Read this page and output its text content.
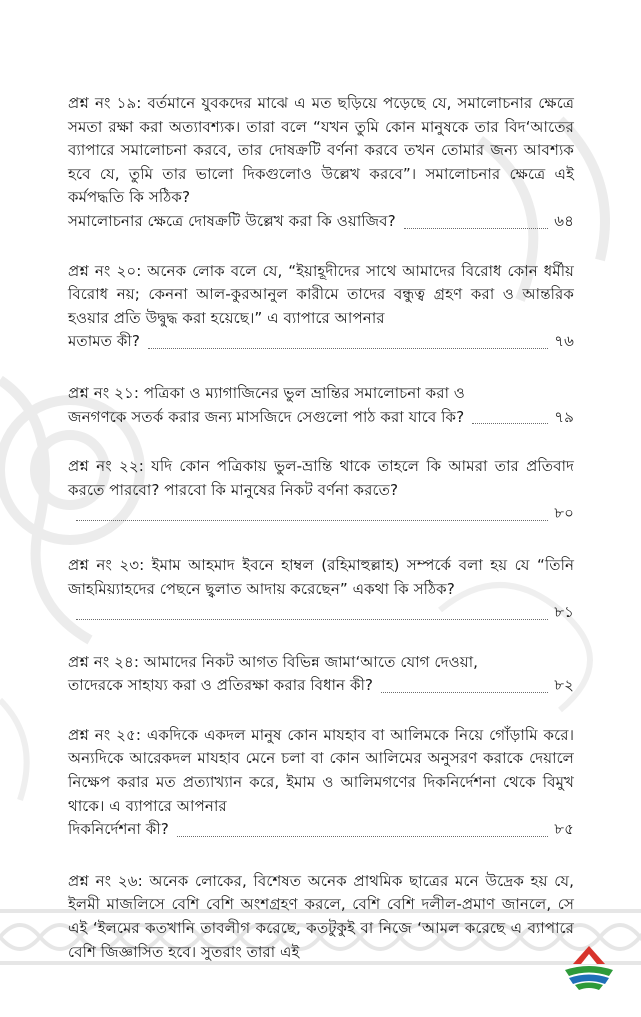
প্রশ্ন নং ১৯: বর্তমানে যুবকদের মাঝে এ মত ছড়িয়ে পড়েছে যে, সমালোচনার ক্ষেত্রে সমতা রক্ষা করা অত্যাবশ্যক। তারা বলে “যখন তুমি কোন মানুষকে তার বিদ‘আতের ব্যাপারে সমালোচনা করবে, তার দোষক্রটি বর্ণনা করবে তখন তোমার জন্য আবশ্যক হবে যে, তুমি তার ভালো দিকগুলোও উল্লেখ করবে”। সমালোচনার ক্ষেত্রে এই কর্মপদ্ধতি কি সঠিক?
সমালোচনার ক্ষেত্রে দোষক্রটি উল্লেখ করা কি ওয়াজিব?	৬৪
প্রশ্ন নং ২০: অনেক লোক বলে যে, “ইয়াহূদীদের সাথে আমাদের বিরোধ কোন ধর্মীয় বিরোধ নয়; কেননা আল-কুরআনুল কারীমে তাদের বন্ধুত্ব গ্রহণ করা ও আন্তরিক হওয়ার প্রতি উদ্বুদ্ধ করা হয়েছে।” এ ব্যাপারে আপনার
মতামত কী?	৭৬
প্রশ্ন নং ২১: পত্রিকা ও ম্যাগাজিনের ভুল ভ্রান্তির সমালোচনা করা ও
জনগণকে সতর্ক করার জন্য মাসজিদে সেগুলো পাঠ করা যাবে কি?	৭৯
প্রশ্ন নং ২২: যদি কোন পত্রিকায় ভুল-ভ্রান্তি থাকে তাহলে কি আমরা তার প্রতিবাদ করতে পারবো? পারবো কি মানুষের নিকট বর্ণনা করতে?
৮০
প্রশ্ন নং ২৩: ইমাম আহমাদ ইবনে হাম্বল (রহিমাহুল্লাহ) সম্পর্কে বলা হয় যে “তিনি জাহমিয়্যাহদের পেছনে ছ্বলাত আদায় করেছেন” একথা কি সঠিক?
৮১
প্রশ্ন নং ২৪: আমাদের নিকট আগত বিভিন্ন জামা‘আতে যোগ দেওয়া,
তাদেরকে সাহায্য করা ও প্রতিরক্ষা করার বিধান কী?	৮২
প্রশ্ন নং ২৫: একদিকে একদল মানুষ কোন মাযহাব বা আলিমকে নিয়ে গোঁড়ামি করে। অন্যদিকে আরেকদল মাযহাব মেনে চলা বা কোন আলিমের অনুসরণ করাকে দেয়ালে নিক্ষেপ করার মত প্রত্যাখ্যান করে, ইমাম ও আলিমগণের দিকনির্দেশনা থেকে বিমুখ থাকে। এ ব্যাপারে আপনার
দিকনির্দেশনা কী?	৮৫
প্রশ্ন নং ২৬: অনেক লোকের, বিশেষত অনেক প্রাথমিক ছাত্রের মনে উদ্রেক হয় যে, ইলমী মাজলিসে বেশি বেশি অংশগ্রহণ করলে, বেশি বেশি দলীল-প্রমাণ জানলে, সে এই ‘ইলমের কতখানি তাবলীগ করেছে, কতটুকুই বা নিজে ‘আমল করেছে এ ব্যাপারে বেশি জিজ্ঞাসিত হবে। সুতরাং তারা এই
